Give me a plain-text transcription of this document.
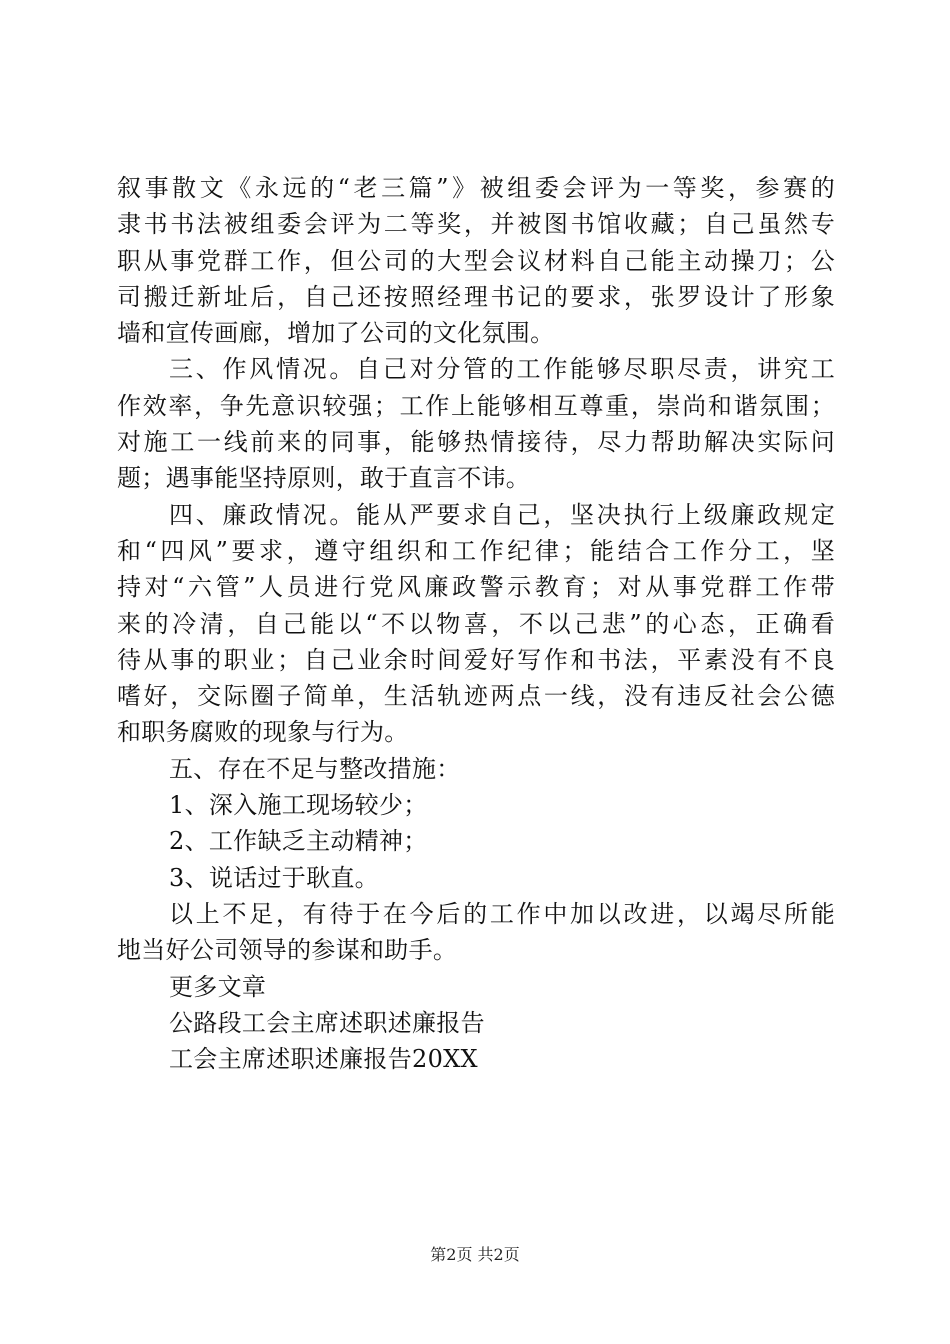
叙事散文《永远的“老三篇”》被组委会评为一等奖，参赛的
隶书书法被组委会评为二等奖，并被图书馆收藏；自己虽然专
职从事党群工作，但公司的大型会议材料自己能主动操刀；公
司搬迁新址后，自己还按照经理书记的要求，张罗设计了形象
墙和宣传画廊，增加了公司的文化氛围。
三、作风情况。自己对分管的工作能够尽职尽责，讲究工
作效率，争先意识较强；工作上能够相互尊重，崇尚和谐氛围；
对施工一线前来的同事，能够热情接待，尽力帮助解决实际问
题；遇事能坚持原则，敢于直言不讳。
四、廉政情况。能从严要求自己，坚决执行上级廉政规定
和“四风”要求，遵守组织和工作纪律；能结合工作分工，坚
持对“六管”人员进行党风廉政警示教育；对从事党群工作带
来的冷清，自己能以“不以物喜，不以己悲”的心态，正确看
待从事的职业；自己业余时间爱好写作和书法，平素没有不良
嗜好，交际圈子简单，生活轨迹两点一线，没有违反社会公德
和职务腐败的现象与行为。
五、存在不足与整改措施：
1、深入施工现场较少；
2、工作缺乏主动精神；
3、说话过于耿直。
以上不足，有待于在今后的工作中加以改进，以竭尽所能
地当好公司领导的参谋和助手。
更多文章
公路段工会主席述职述廉报告
工会主席述职述廉报告20XX
第2页 共2页
